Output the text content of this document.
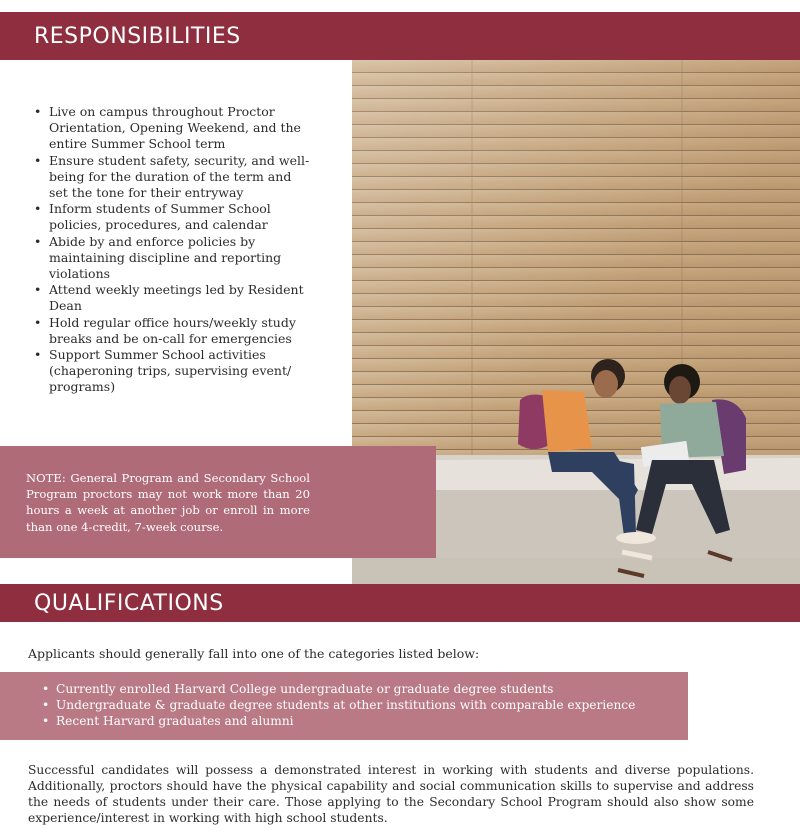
RESPONSIBILITIES
• Live on campus throughout Proctor Orientation, Opening Weekend, and the entire Summer School term
• Ensure student safety, security, and well-being for the duration of the term and set the tone for their entryway
• Inform students of Summer School policies, procedures, and calendar
• Abide by and enforce policies by maintaining discipline and reporting violations
• Attend weekly meetings led by Resident Dean
• Hold regular office hours/weekly study breaks and be on-call for emergencies
• Support Summer School activities (chaperoning trips, supervising event/ programs)

NOTE: General Program and Secondary School Program proctors may not work more than 20 hours a week at another job or enroll in more than one 4-credit, 7-week course.

QUALIFICATIONS

Applicants should generally fall into one of the categories listed below:

• Currently enrolled Harvard College undergraduate or graduate degree students
• Undergraduate & graduate degree students at other institutions with comparable experience
• Recent Harvard graduates and alumni

Successful candidates will possess a demonstrated interest in working with students and diverse populations. Additionally, proctors should have the physical capability and social communication skills to supervise and address the needs of students under their care. Those applying to the Secondary School Program should also show some experience/interest in working with high school students.
